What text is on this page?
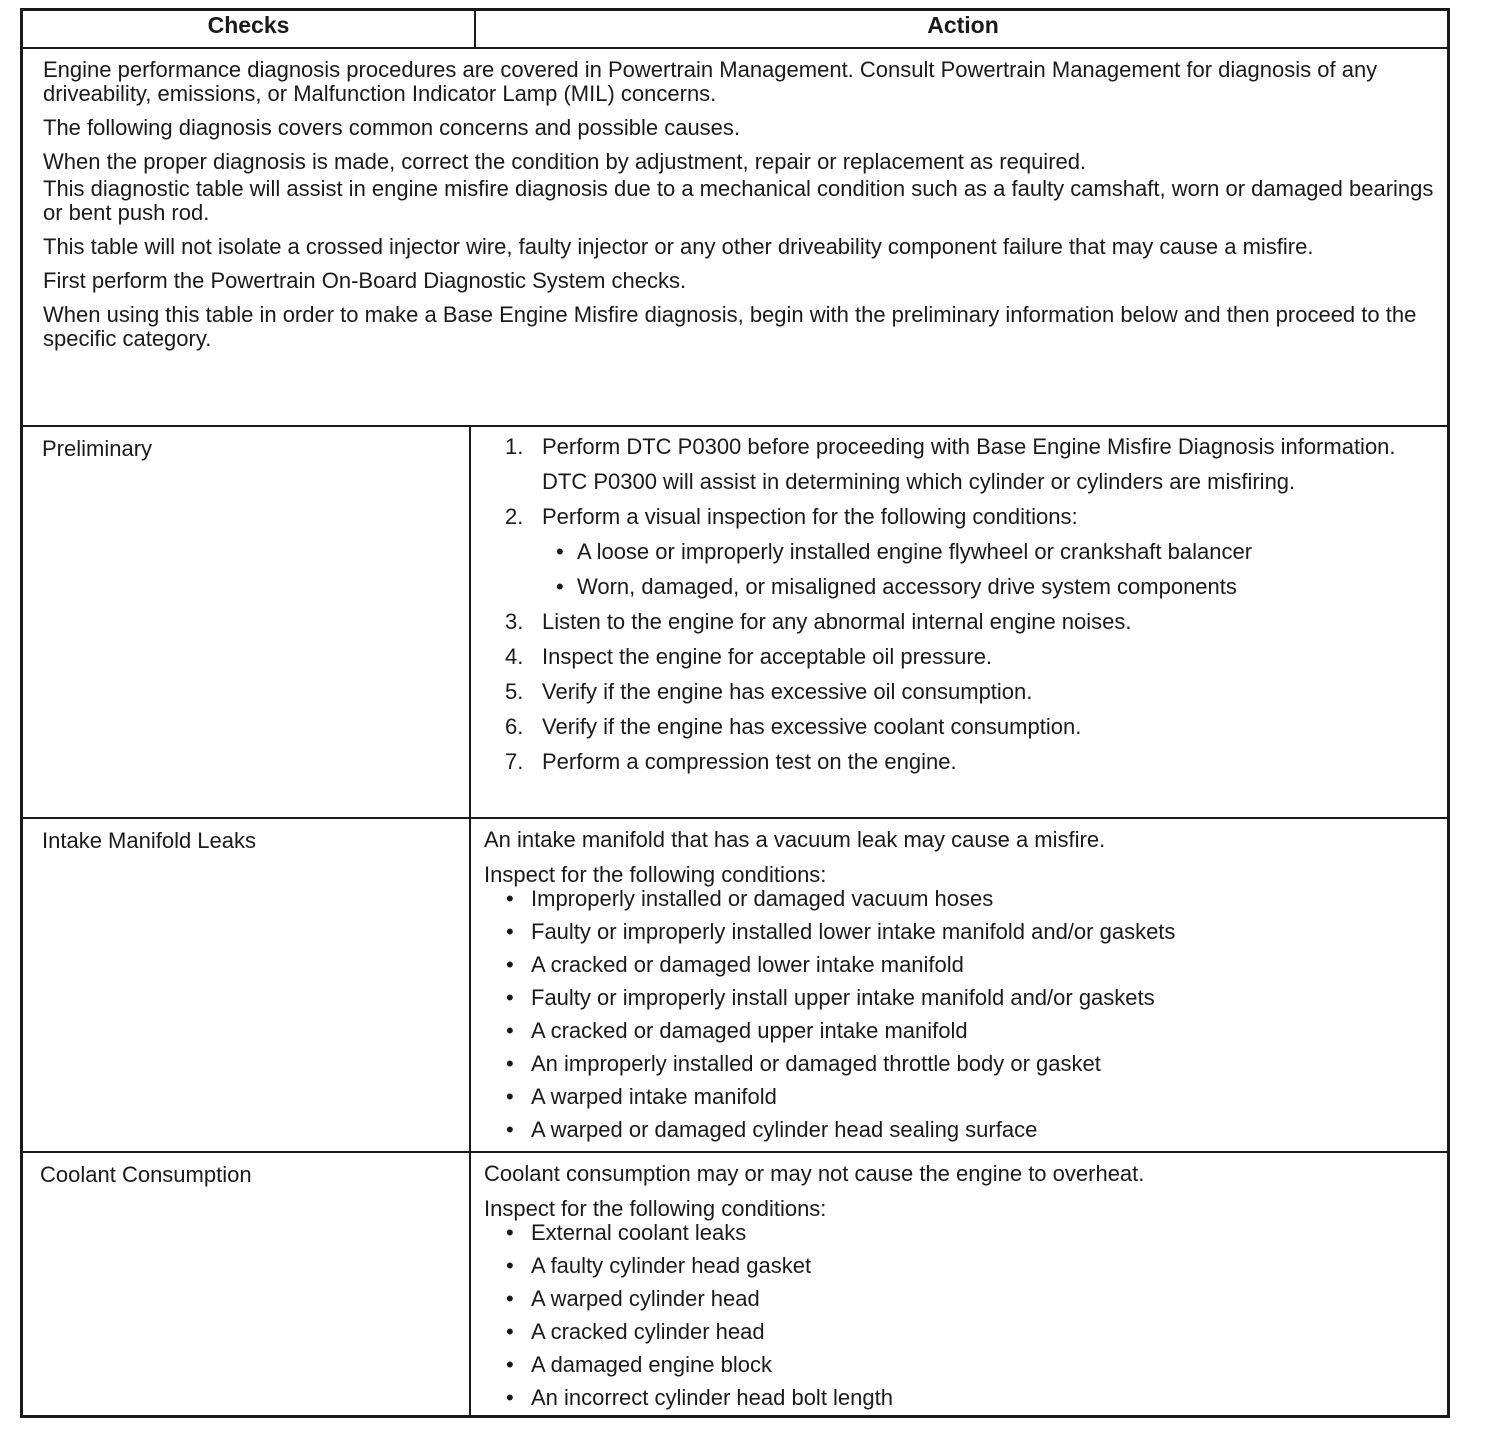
Checks	Action

Engine performance diagnosis procedures are covered in Powertrain Management. Consult Powertrain Management for diagnosis of any driveability, emissions, or Malfunction Indicator Lamp (MIL) concerns.

The following diagnosis covers common concerns and possible causes.

When the proper diagnosis is made, correct the condition by adjustment, repair or replacement as required.

This diagnostic table will assist in engine misfire diagnosis due to a mechanical condition such as a faulty camshaft, worn or damaged bearings or bent push rod.

This table will not isolate a crossed injector wire, faulty injector or any other driveability component failure that may cause a misfire.

First perform the Powertrain On-Board Diagnostic System checks.

When using this table in order to make a Base Engine Misfire diagnosis, begin with the preliminary information below and then proceed to the specific category.

Preliminary	1. Perform DTC P0300 before proceeding with Base Engine Misfire Diagnosis information.
DTC P0300 will assist in determining which cylinder or cylinders are misfiring.
2. Perform a visual inspection for the following conditions:
• A loose or improperly installed engine flywheel or crankshaft balancer
• Worn, damaged, or misaligned accessory drive system components
3. Listen to the engine for any abnormal internal engine noises.
4. Inspect the engine for acceptable oil pressure.
5. Verify if the engine has excessive oil consumption.
6. Verify if the engine has excessive coolant consumption.
7. Perform a compression test on the engine.
Intake Manifold Leaks	An intake manifold that has a vacuum leak may cause a misfire.

Inspect for the following conditions:

• Improperly installed or damaged vacuum hoses
• Faulty or improperly installed lower intake manifold and/or gaskets
• A cracked or damaged lower intake manifold
• Faulty or improperly install upper intake manifold and/or gaskets
• A cracked or damaged upper intake manifold
• An improperly installed or damaged throttle body or gasket
• A warped intake manifold
• A warped or damaged cylinder head sealing surface
Coolant Consumption	Coolant consumption may or may not cause the engine to overheat.

Inspect for the following conditions:

• External coolant leaks
• A faulty cylinder head gasket
• A warped cylinder head
• A cracked cylinder head
• A damaged engine block
• An incorrect cylinder head bolt length
